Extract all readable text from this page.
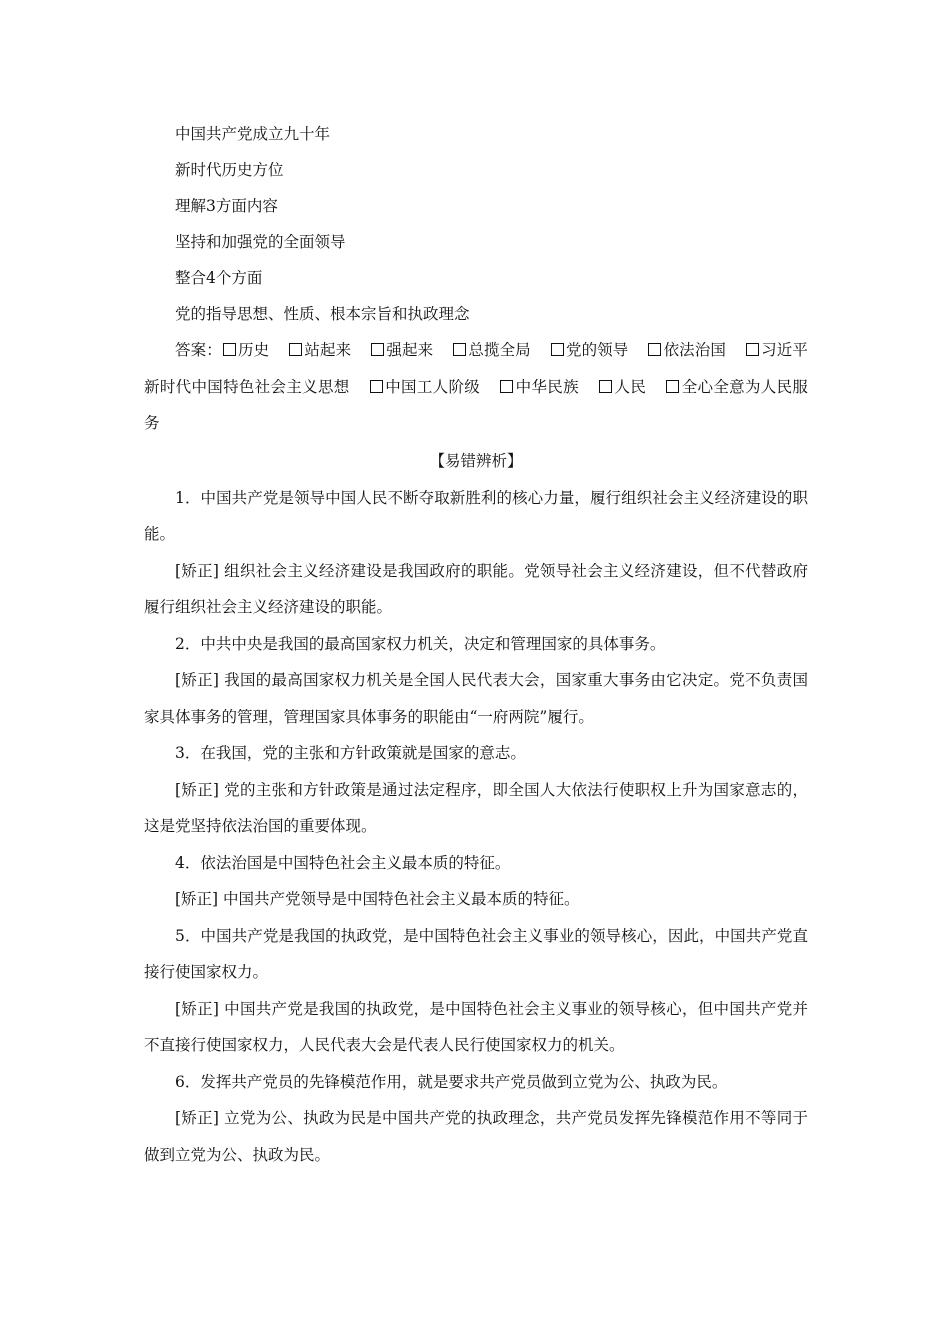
中国共产党成立九十年
新时代历史方位
理解3方面内容
坚持和加强党的全面领导
整合4个方面
党的指导思想、性质、根本宗旨和执政理念

答案： 历史 站起来 强起来 总揽全局 党的领导 依法治国 习近平新时代中国特色社会主义思想 中国工人阶级 中华民族 人民 全心全意为人民服务

【易错辨析】

1．中国共产党是领导中国人民不断夺取新胜利的核心力量，履行组织社会主义经济建设的职能。

[矫正] 组织社会主义经济建设是我国政府的职能。党领导社会主义经济建设，但不代替政府履行组织社会主义经济建设的职能。

2．中共中央是我国的最高国家权力机关，决定和管理国家的具体事务。

[矫正] 我国的最高国家权力机关是全国人民代表大会，国家重大事务由它决定。党不负责国家具体事务的管理，管理国家具体事务的职能由“一府两院”履行。

3．在我国，党的主张和方针政策就是国家的意志。

[矫正] 党的主张和方针政策是通过法定程序，即全国人大依法行使职权上升为国家意志的，这是党坚持依法治国的重要体现。

4．依法治国是中国特色社会主义最本质的特征。

[矫正] 中国共产党领导是中国特色社会主义最本质的特征。

5．中国共产党是我国的执政党，是中国特色社会主义事业的领导核心，因此，中国共产党直接行使国家权力。

[矫正] 中国共产党是我国的执政党，是中国特色社会主义事业的领导核心，但中国共产党并不直接行使国家权力，人民代表大会是代表人民行使国家权力的机关。

6．发挥共产党员的先锋模范作用，就是要求共产党员做到立党为公、执政为民。

[矫正] 立党为公、执政为民是中国共产党的执政理念，共产党员发挥先锋模范作用不等同于做到立党为公、执政为民。
